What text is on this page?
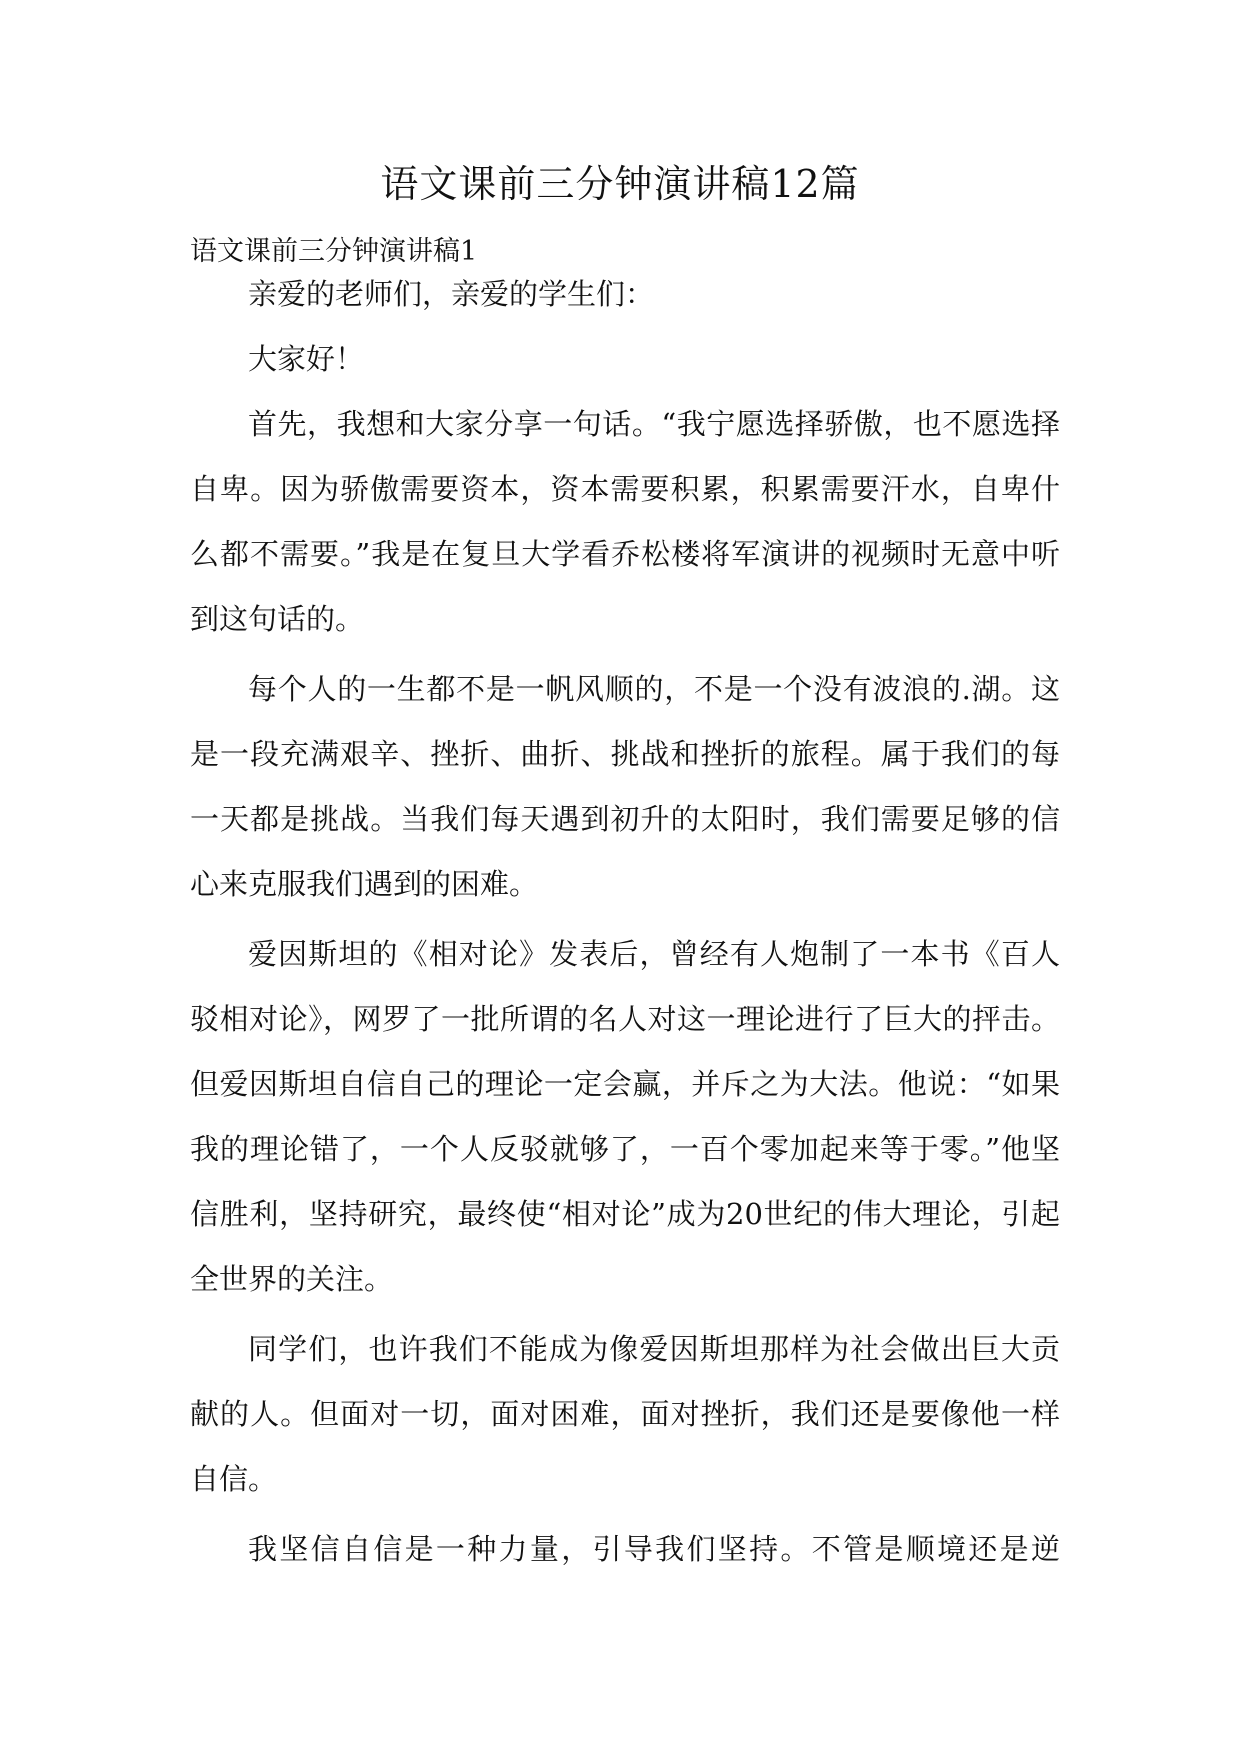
语文课前三分钟演讲稿12篇
语文课前三分钟演讲稿1

亲爱的老师们，亲爱的学生们：

大家好！

首先，我想和大家分享一句话。“我宁愿选择骄傲，也不愿选择
自卑。因为骄傲需要资本，资本需要积累，积累需要汗水，自卑什
么都不需要。”我是在复旦大学看乔松楼将军演讲的视频时无意中听
到这句话的。

每个人的一生都不是一帆风顺的，不是一个没有波浪的.湖。这
是一段充满艰辛、挫折、曲折、挑战和挫折的旅程。属于我们的每
一天都是挑战。当我们每天遇到初升的太阳时，我们需要足够的信
心来克服我们遇到的困难。

爱因斯坦的《相对论》发表后，曾经有人炮制了一本书《百人
驳相对论》，网罗了一批所谓的名人对这一理论进行了巨大的抨击。
但爱因斯坦自信自己的理论一定会赢，并斥之为大法。他说：“如果
我的理论错了，一个人反驳就够了，一百个零加起来等于零。”他坚
信胜利，坚持研究，最终使“相对论”成为20世纪的伟大理论，引起
全世界的关注。

同学们，也许我们不能成为像爱因斯坦那样为社会做出巨大贡
献的人。但面对一切，面对困难，面对挫折，我们还是要像他一样
自信。

我坚信自信是一种力量，引导我们坚持。不管是顺境还是逆
